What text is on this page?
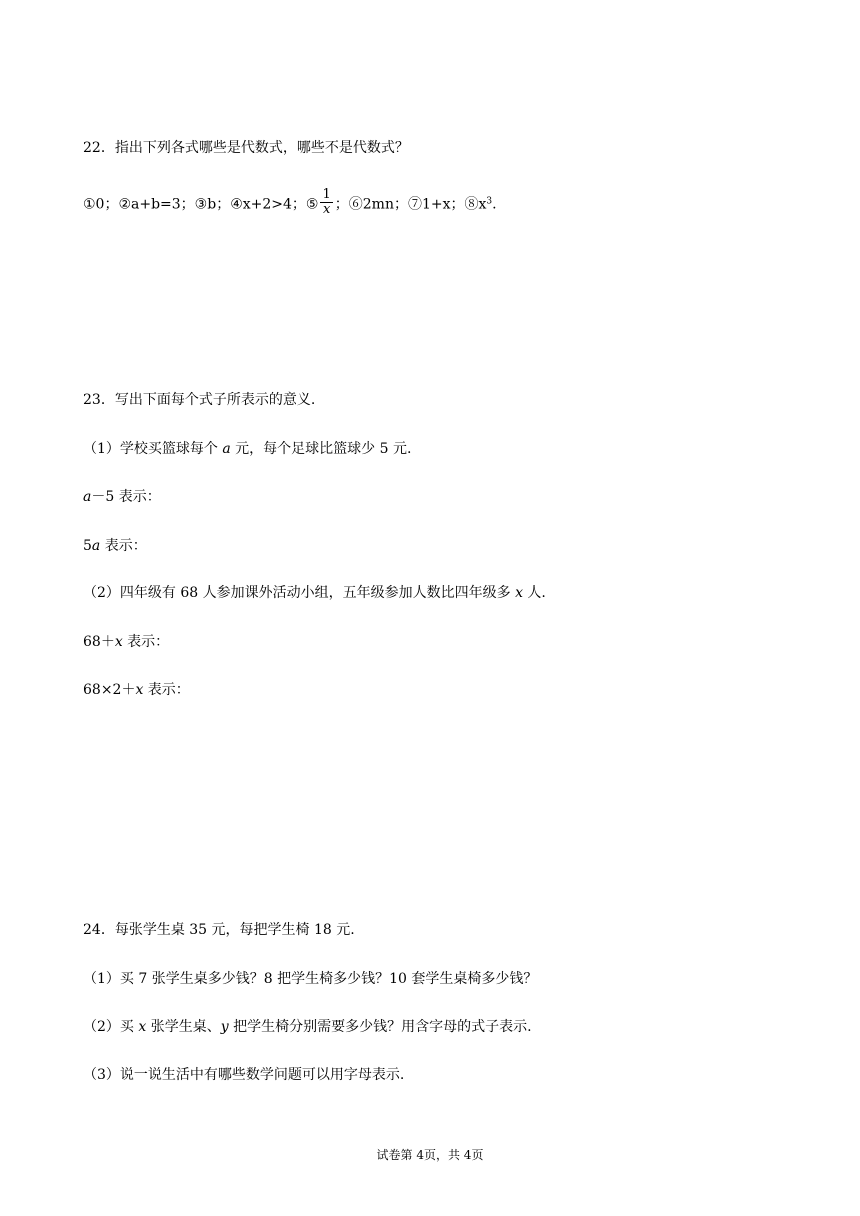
22．指出下列各式哪些是代数式，哪些不是代数式？
①0；②a+b=3；③b；④x+2>4；⑤ $\frac{1}{x}$ ；⑥2mn；⑦1+x；$⑧x^3$.
23．写出下面每个式子所表示的意义.
（1）学校买篮球每个 a 元，每个足球比篮球少 5 元.
a－5 表示：
5a 表示：
（2）四年级有 68 人参加课外活动小组，五年级参加人数比四年级多 x 人.
68＋x 表示：
68×2＋x 表示：
24．每张学生桌 35 元，每把学生椅 18 元.
（1）买 7 张学生桌多少钱？8 把学生椅多少钱？10 套学生桌椅多少钱？
（2）买 x 张学生桌、y 把学生椅分别需要多少钱？用含字母的式子表示.
（3）说一说生活中有哪些数学问题可以用字母表示.
试卷第 4页，共 4页
